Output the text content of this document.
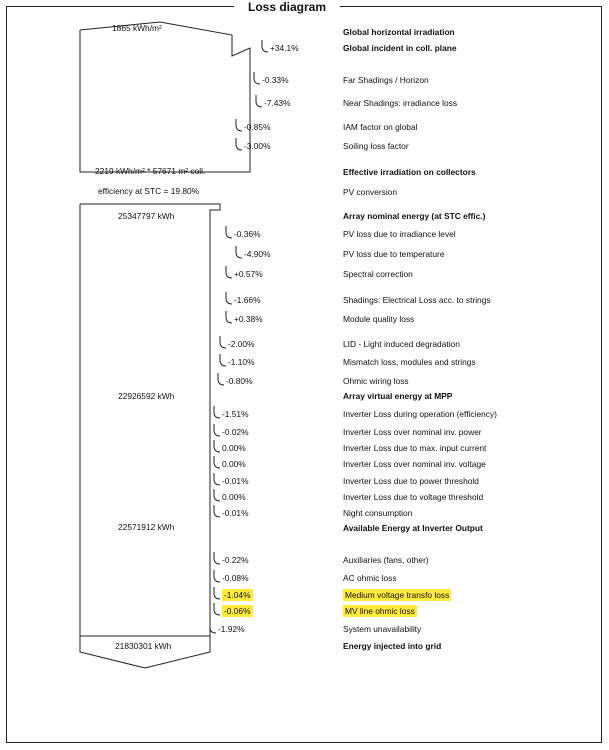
Loss diagram
1865 kWh/m²
2219 kWh/m² * 57671 m² coll.
efficiency at STC = 19.80%
25347797 kWh
22926592 kWh
22571912 kWh
21830301 kWh
Global horizontal irradiation
Global incident in coll. plane
+34.1%
Far Shadings / Horizon
-0.33%
Near Shadings: irradiance loss
-7.43%
IAM factor on global
-0.85%
Soiling loss factor
-3.00%
Effective irradiation on collectors
PV conversion
Array nominal energy (at STC effic.)
PV loss due to irradiance level
-0.36%
PV loss due to temperature
-4.90%
Spectral correction
+0.57%
Shadings: Electrical Loss acc. to strings
-1.66%
Module quality loss
+0.38%
LID - Light induced degradation
-2.00%
Mismatch loss, modules and strings
-1.10%
Ohmic wiring loss
-0.80%
Array virtual energy at MPP
Inverter Loss during operation (efficiency)
-1.51%
Inverter Loss over nominal inv. power
-0.02%
Inverter Loss due to max. input current
0.00%
Inverter Loss over nominal inv. voltage
0.00%
Inverter Loss due to power threshold
-0.01%
Inverter Loss due to voltage threshold
0.00%
Night consumption
-0.01%
Available Energy at Inverter Output
Auxiliaries (fans, other)
-0.22%
AC ohmic loss
-0.08%
Medium voltage transfo loss
-1.04%
MV line ohmic loss
-0.06%
System unavailability
-1.92%
Energy injected into grid
